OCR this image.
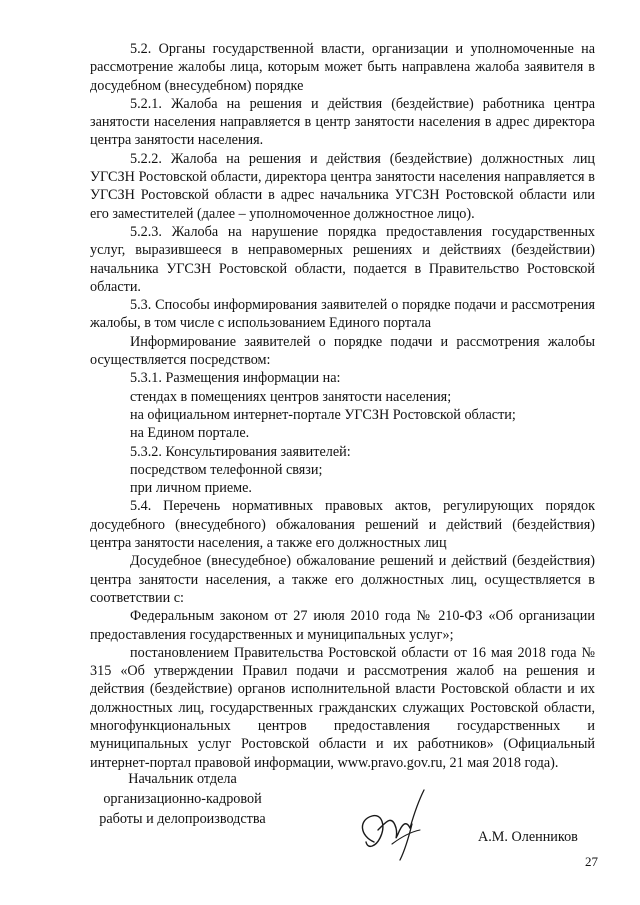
5.2. Органы государственной власти, организации и уполномоченные на рассмотрение жалобы лица, которым может быть направлена жалоба заявителя в досудебном (внесудебном) порядке

5.2.1. Жалоба на решения и действия (бездействие) работника центра занятости населения направляется в центр занятости населения в адрес директора центра занятости населения.

5.2.2. Жалоба на решения и действия (бездействие) должностных лиц УГСЗН Ростовской области, директора центра занятости населения направляется в УГСЗН Ростовской области в адрес начальника УГСЗН Ростовской области или его заместителей (далее – уполномоченное должностное лицо).

5.2.3. Жалоба на нарушение порядка предоставления государственных услуг, выразившееся в неправомерных решениях и действиях (бездействии) начальника УГСЗН Ростовской области, подается в Правительство Ростовской области.

5.3. Способы информирования заявителей о порядке подачи и рассмотрения жалобы, в том числе с использованием Единого портала

Информирование заявителей о порядке подачи и рассмотрения жалобы осуществляется посредством:

5.3.1. Размещения информации на:

стендах в помещениях центров занятости населения;

на официальном интернет-портале УГСЗН Ростовской области;

на Едином портале.

5.3.2. Консультирования заявителей:

посредством телефонной связи;

при личном приеме.

5.4. Перечень нормативных правовых актов, регулирующих порядок досудебного (внесудебного) обжалования решений и действий (бездействия) центра занятости населения, а также его должностных лиц

Досудебное (внесудебное) обжалование решений и действий (бездействия) центра занятости населения, а также его должностных лиц, осуществляется в соответствии с:

Федеральным законом от 27 июля 2010 года № 210-ФЗ «Об организации предоставления государственных и муниципальных услуг»;

постановлением Правительства Ростовской области от 16 мая 2018 года № 315 «Об утверждении Правил подачи и рассмотрения жалоб на решения и действия (бездействие) органов исполнительной власти Ростовской области и их должностных лиц, государственных гражданских служащих Ростовской области, многофункциональных центров предоставления государственных и муниципальных услуг Ростовской области и их работников» (Официальный интернет-портал правовой информации, www.pravo.gov.ru, 21 мая 2018 года).

Начальник отдела
организационно-кадровой
работы и делопроизводства
А.М. Оленников
27
